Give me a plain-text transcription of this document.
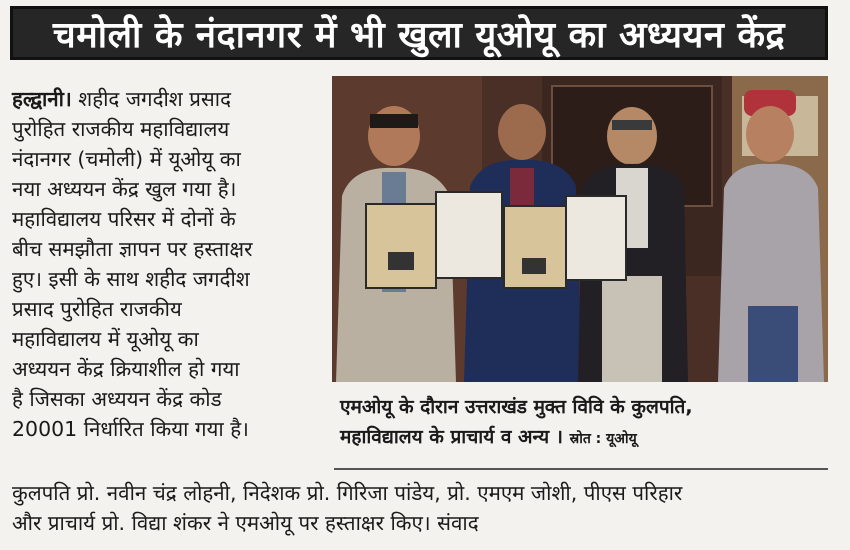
चमोली के नंदानगर में भी खुला यूओयू का अध्ययन केंद्र

हल्द्वानी। शहीद जगदीश प्रसाद

पुरोहित राजकीय महाविद्यालय

नंदानगर (चमोली) में यूओयू का

नया अध्ययन केंद्र खुल गया है।

महाविद्यालय परिसर में दोनों के

बीच समझौता ज्ञापन पर हस्ताक्षर

हुए। इसी के साथ शहीद जगदीश

प्रसाद पुरोहित राजकीय

महाविद्यालय में यूओयू का

अध्ययन केंद्र क्रियाशील हो गया

है जिसका अध्ययन केंद्र कोड

20001 निर्धारित किया गया है।

एमओयू के दौरान उत्तराखंड मुक्त विवि के कुलपति,
महाविद्यालय के प्राचार्य व अन्य । स्रोत : यूओयू
कुलपति प्रो. नवीन चंद्र लोहनी, निदेशक प्रो. गिरिजा पांडेय, प्रो. एमएम जोशी, पीएस परिहार
और प्राचार्य प्रो. विद्या शंकर ने एमओयू पर हस्ताक्षर किए। संवाद
